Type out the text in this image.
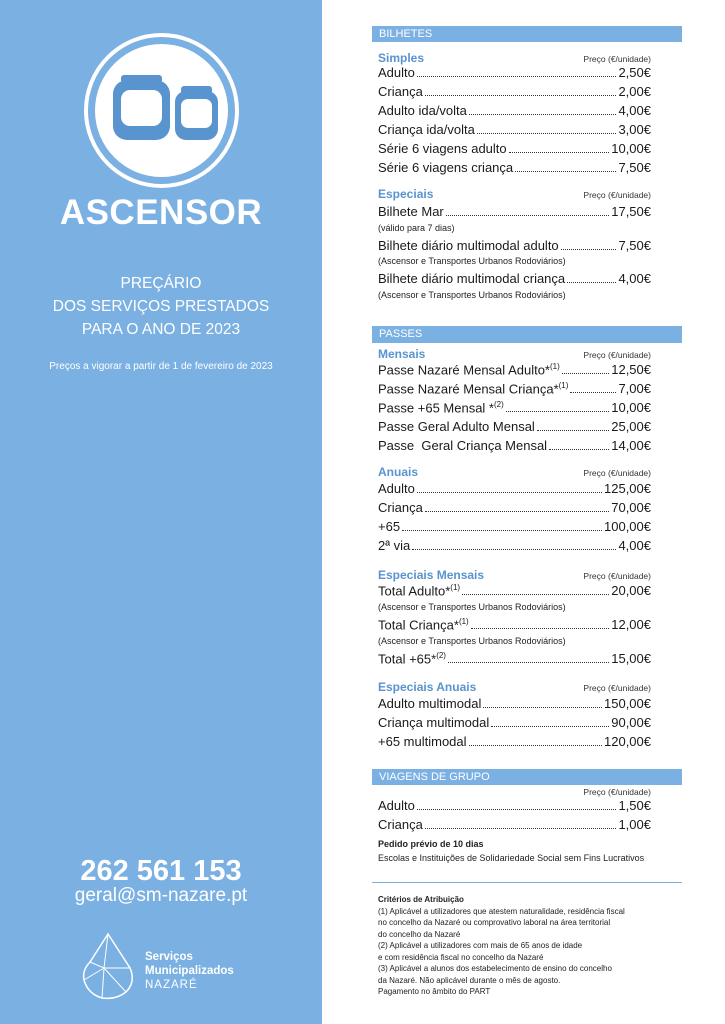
ASCENSOR
PREÇÁRIO
DOS SERVIÇOS PRESTADOS
PARA O ANO DE 2023
Preços a vigorar a partir de 1 de fevereiro de 2023
262 561 153
geral@sm-nazare.pt
Serviços
Municipalizados
NAZARÉ
BILHETES
Simples	Preço (€/unidade)
Adulto	2,50€
Criança	2,00€
Adulto ida/volta	4,00€
Criança ida/volta	3,00€
Série 6 viagens adulto	10,00€
Série 6 viagens criança	7,50€
Especiais	Preço (€/unidade)
Bilhete Mar	17,50€
(válido para 7 dias)
Bilhete diário multimodal adulto	7,50€
(Ascensor e Transportes Urbanos Rodoviários)
Bilhete diário multimodal criança	4,00€
(Ascensor e Transportes Urbanos Rodoviários)
PASSES
Mensais	Preço (€/unidade)
Passe Nazaré Mensal Adulto*$^{(1)}$	12,50€
Passe Nazaré Mensal Criança*$^{(1)}$	7,00€
Passe +65 Mensal *$^{(2)}$	10,00€
Passe Geral Adulto Mensal	25,00€
Passe  Geral Criança Mensal	14,00€
Anuais	Preço (€/unidade)
Adulto	125,00€
Criança	70,00€
+65	100,00€
2ª via	4,00€
Especiais Mensais	Preço (€/unidade)
Total Adulto*$^{(1)}$	20,00€
(Ascensor e Transportes Urbanos Rodoviários)
Total Criança*$^{(1)}$	12,00€
(Ascensor e Transportes Urbanos Rodoviários)
Total +65*$^{(2)}$	15,00€
Especiais Anuais	Preço (€/unidade)
Adulto multimodal	150,00€
Criança multimodal	90,00€
+65 multimodal	120,00€
VIAGENS DE GRUPO
Preço (€/unidade)
Adulto	1,50€
Criança	1,00€
Pedido prévio de 10 dias
Escolas e Instituições de Solidariedade Social sem Fins Lucrativos
Critérios de Atribuição
(1) Aplicável a utilizadores que atestem naturalidade, residência fiscal
no concelho da Nazaré ou comprovativo laboral na área territorial
do concelho da Nazaré
(2) Aplicável a utilizadores com mais de 65 anos de idade
e com residência fiscal no concelho da Nazaré
(3) Aplicável a alunos dos estabelecimento de ensino do concelho
da Nazaré. Não aplicável durante o mês de agosto.
Pagamento no âmbito do PART
